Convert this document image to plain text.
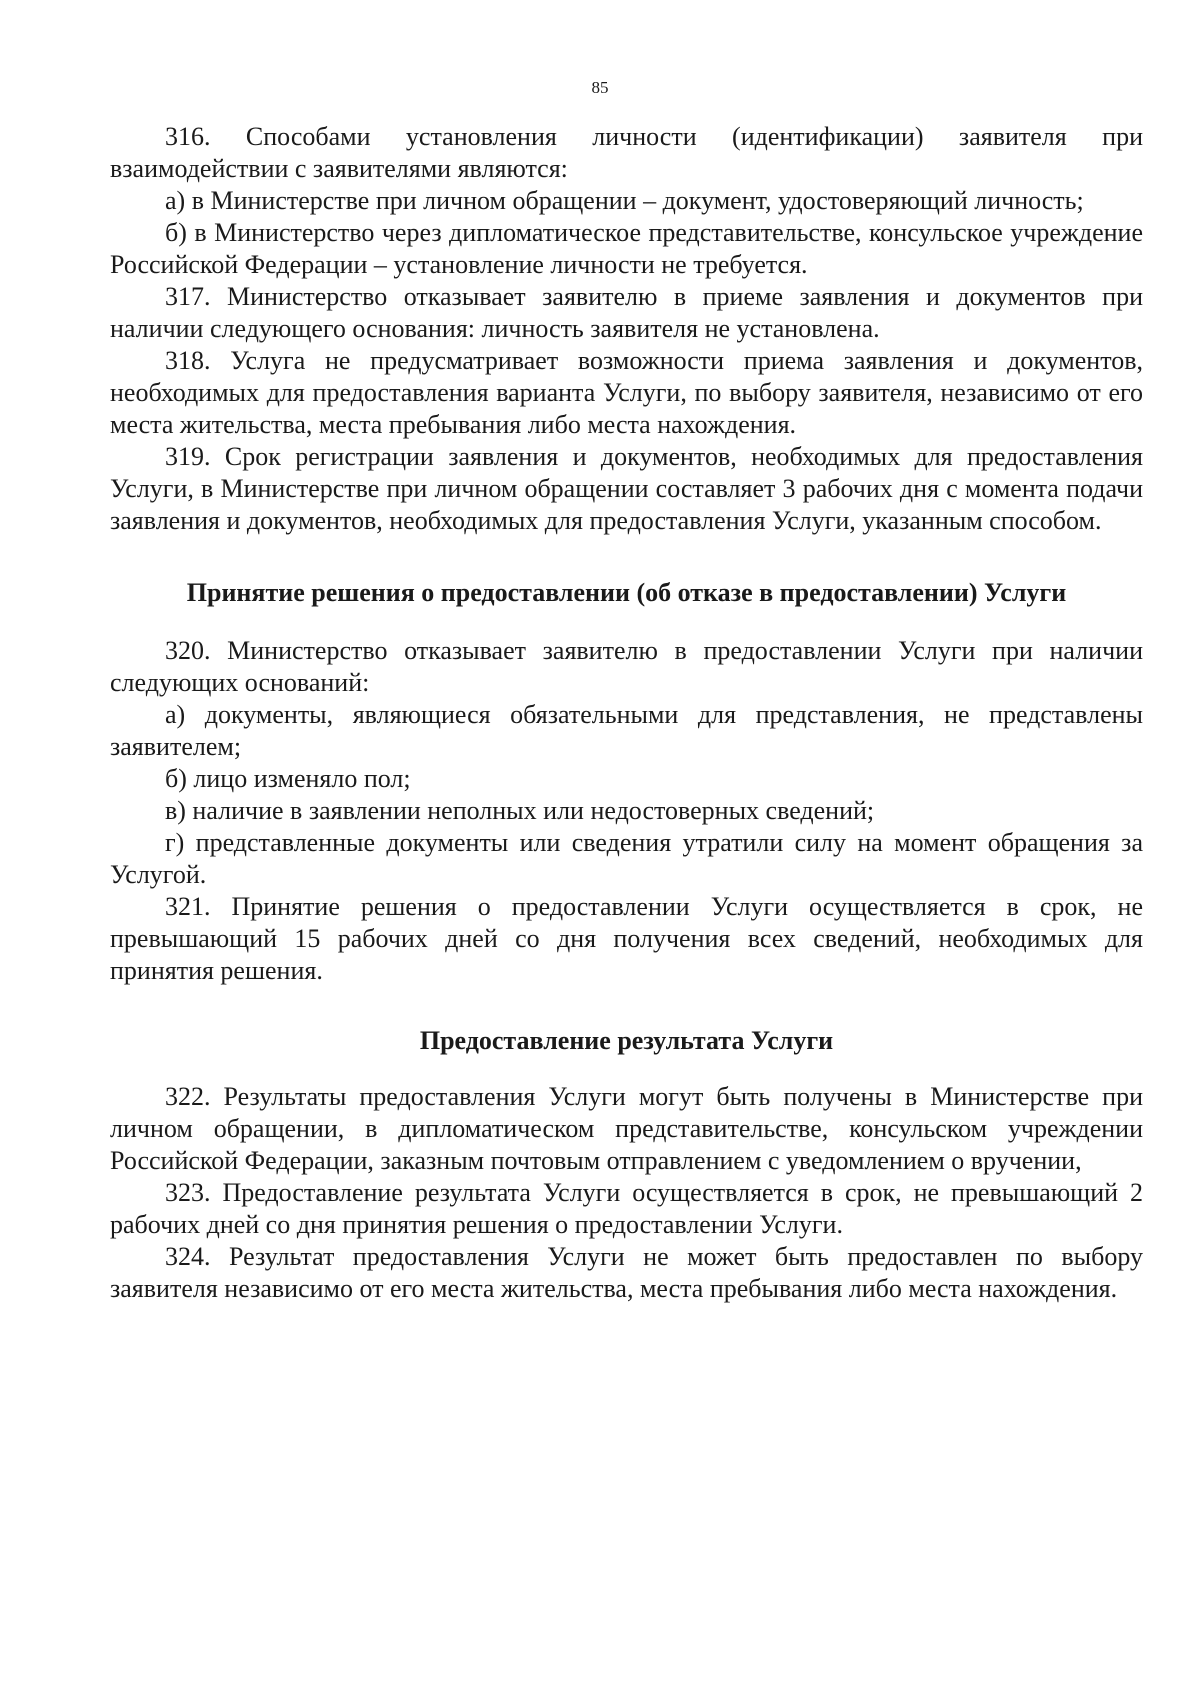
85

316. Способами установления личности (идентификации) заявителя при взаимодействии с заявителями являются:

а) в Министерстве при личном обращении – документ, удостоверяющий личность;

б) в Министерство через дипломатическое представительстве, консульское учреждение Российской Федерации – установление личности не требуется.

317. Министерство отказывает заявителю в приеме заявления и документов при наличии следующего основания: личность заявителя не установлена.

318. Услуга не предусматривает возможности приема заявления и документов, необходимых для предоставления варианта Услуги, по выбору заявителя, независимо от его места жительства, места пребывания либо места нахождения.

319. Срок регистрации заявления и документов, необходимых для предоставления Услуги, в Министерстве при личном обращении составляет 3 рабочих дня с момента подачи заявления и документов, необходимых для предоставления Услуги, указанным способом.

Принятие решения о предоставлении (об отказе в предоставлении) Услуги

320. Министерство отказывает заявителю в предоставлении Услуги при наличии следующих оснований:

а) документы, являющиеся обязательными для представления, не представлены заявителем;

б) лицо изменяло пол;

в) наличие в заявлении неполных или недостоверных сведений;

г) представленные документы или сведения утратили силу на момент обращения за Услугой.

321. Принятие решения о предоставлении Услуги осуществляется в срок, не превышающий 15 рабочих дней со дня получения всех сведений, необходимых для принятия решения.

Предоставление результата Услуги

322. Результаты предоставления Услуги могут быть получены в Министерстве при личном обращении, в дипломатическом представительстве, консульском учреждении Российской Федерации, заказным почтовым отправлением с уведомлением о вручении,

323. Предоставление результата Услуги осуществляется в срок, не превышающий 2 рабочих дней со дня принятия решения о предоставлении Услуги.

324. Результат предоставления Услуги не может быть предоставлен по выбору заявителя независимо от его места жительства, места пребывания либо места нахождения.
